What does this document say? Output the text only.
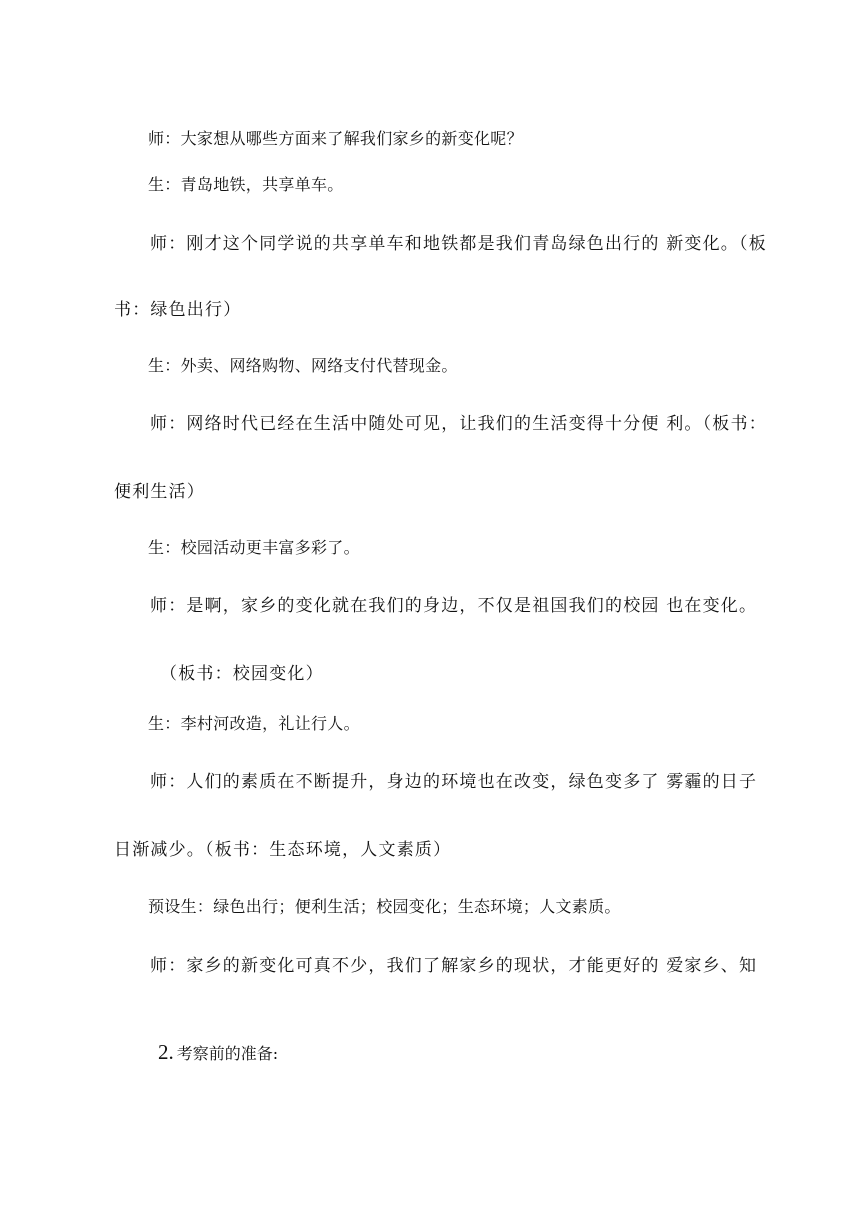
师：大家想从哪些方面来了解我们家乡的新变化呢？
生：青岛地铁，共享单车。
师：刚才这个同学说的共享单车和地铁都是我们青岛绿色出行的 新变化。（板
书：绿色出行）
生：外卖、网络购物、网络支付代替现金。
师：网络时代已经在生活中随处可见，让我们的生活变得十分便 利。（板书：
便利生活）
生：校园活动更丰富多彩了。
师：是啊，家乡的变化就在我们的身边，不仅是祖国我们的校园 也在变化。
（板书：校园变化）
生：李村河改造，礼让行人。
师：人们的素质在不断提升，身边的环境也在改变，绿色变多了 雾霾的日子
日渐减少。（板书：生态环境，人文素质）
预设生：绿色出行；便利生活；校园变化；生态环境；人文素质。
师：家乡的新变化可真不少，我们了解家乡的现状，才能更好的 爱家乡、知
2. 考察前的准备:
